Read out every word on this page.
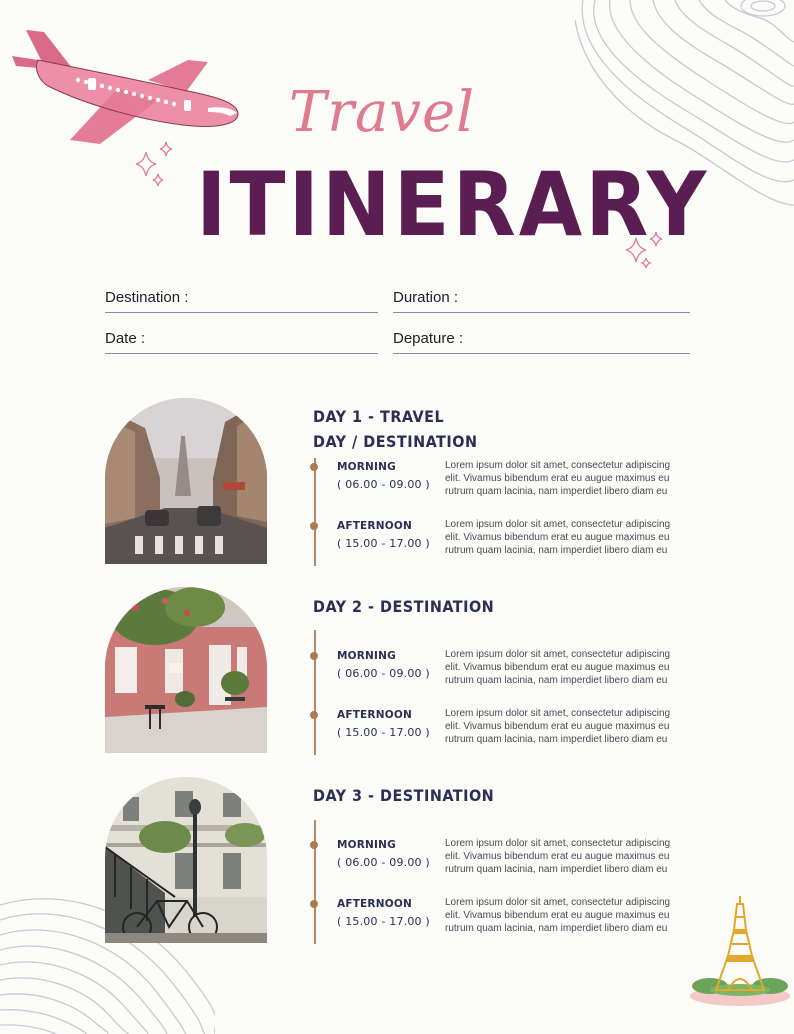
Travel
ITINERARY
Destination :	Duration :
Date :	Depature :
DAY 1 - TRAVEL DAY / DESTINATION
MORNING
( 06.00 - 09.00 )
Lorem ipsum dolor sit amet, consectetur adipiscing elit. Vivamus bibendum erat eu augue maximus eu rutrum quam lacinia, nam imperdiet libero diam eu
AFTERNOON
( 15.00 - 17.00 )
Lorem ipsum dolor sit amet, consectetur adipiscing elit. Vivamus bibendum erat eu augue maximus eu rutrum quam lacinia, nam imperdiet libero diam eu
DAY 2 - DESTINATION
MORNING
( 06.00 - 09.00 )
Lorem ipsum dolor sit amet, consectetur adipiscing elit. Vivamus bibendum erat eu augue maximus eu rutrum quam lacinia, nam imperdiet libero diam eu
AFTERNOON
( 15.00 - 17.00 )
Lorem ipsum dolor sit amet, consectetur adipiscing elit. Vivamus bibendum erat eu augue maximus eu rutrum quam lacinia, nam imperdiet libero diam eu
DAY 3 - DESTINATION
MORNING
( 06.00 - 09.00 )
Lorem ipsum dolor sit amet, consectetur adipiscing elit. Vivamus bibendum erat eu augue maximus eu rutrum quam lacinia, nam imperdiet libero diam eu
AFTERNOON
( 15.00 - 17.00 )
Lorem ipsum dolor sit amet, consectetur adipiscing elit. Vivamus bibendum erat eu augue maximus eu rutrum quam lacinia, nam imperdiet libero diam eu
